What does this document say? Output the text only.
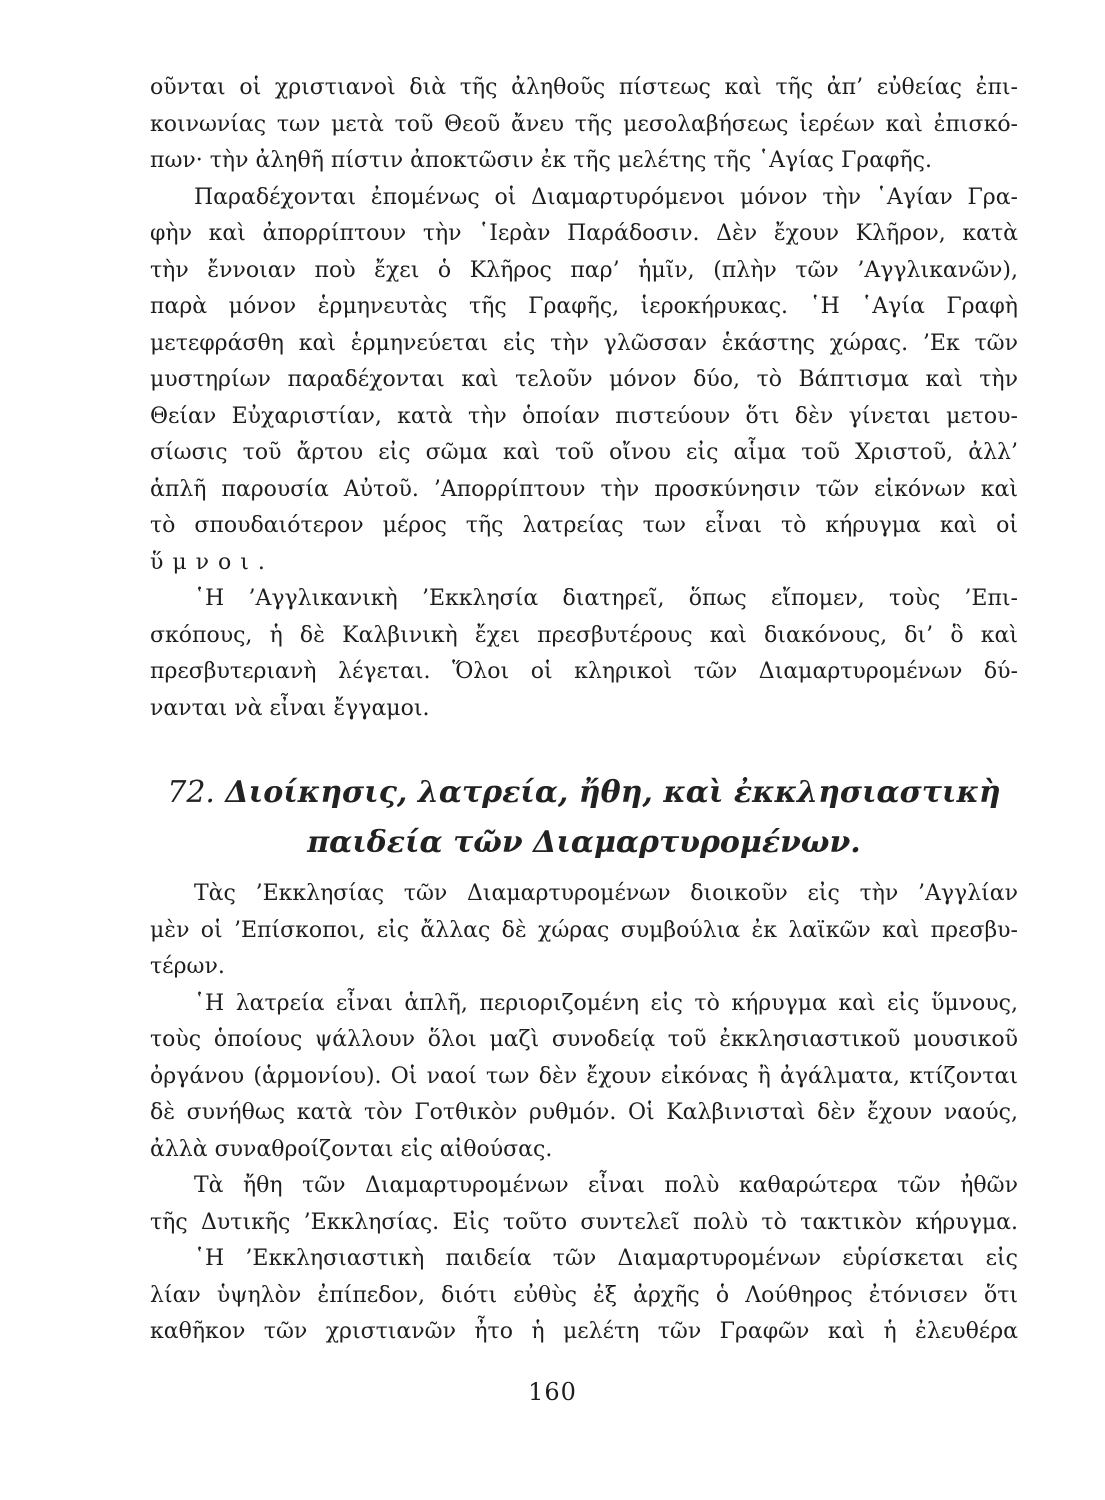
οῦνται οἱ χριστιανοὶ διὰ τῆς ἀληθοῦς πίστεως καὶ τῆς ἀπ’ εὐθείας ἐπι-
κοινωνίας των μετὰ τοῦ Θεοῦ ἄνευ τῆς μεσολαβήσεως ἱερέων καὶ ἐπισκό-
πων· τὴν ἀληθῆ πίστιν ἀποκτῶσιν ἐκ τῆς μελέτης τῆς ῾Αγίας Γραφῆς.
Παραδέχονται ἐπομένως οἱ Διαμαρτυρόμενοι μόνον τὴν ῾Αγίαν Γρα-
φὴν καὶ ἀπορρίπτουν τὴν ῾Ιερὰν Παράδοσιν. Δὲν ἔχουν Κλῆρον, κατὰ
τὴν ἔννοιαν ποὺ ἔχει ὁ Κλῆρος παρ’ ἡμῖν, (πλὴν τῶν ’Αγγλικανῶν),
παρὰ μόνον ἑρμηνευτὰς τῆς Γραφῆς, ἱεροκήρυκας. ῾Η ῾Αγία Γραφὴ
μετεφράσθη καὶ ἑρμηνεύεται εἰς τὴν γλῶσσαν ἑκάστης χώρας. ’Εκ τῶν
μυστηρίων παραδέχονται καὶ τελοῦν μόνον δύο, τὸ Βάπτισμα καὶ τὴν
Θείαν Εὐχαριστίαν, κατὰ τὴν ὁποίαν πιστεύουν ὅτι δὲν γίνεται μετου-
σίωσις τοῦ ἄρτου εἰς σῶμα καὶ τοῦ οἴνου εἰς αἷμα τοῦ Χριστοῦ, ἀλλ’
ἁπλῆ παρουσία Αὐτοῦ. ’Απορρίπτουν τὴν προσκύνησιν τῶν εἰκόνων καὶ
τὸ σπουδαιότερον μέρος τῆς λατρείας των εἶναι τὸ κήρυγμα καὶ οἱ
ὕμνοι.
῾Η ’Αγγλικανικὴ ’Εκκλησία διατηρεῖ, ὅπως εἴπομεν, τοὺς ’Επι-
σκόπους, ἡ δὲ Καλβινικὴ ἔχει πρεσβυτέρους καὶ διακόνους, δι’ ὃ καὶ
πρεσβυτεριανὴ λέγεται. Ὅλοι οἱ κληρικοὶ τῶν Διαμαρτυρομένων δύ-
νανται νὰ εἶναι ἔγγαμοι.
72. Διοίκησις, λατρεία, ἤθη, καὶ ἐκκλησιαστικὴ
παιδεία τῶν Διαμαρτυρομένων.
Τὰς ’Εκκλησίας τῶν Διαμαρτυρομένων διοικοῦν εἰς τὴν ’Αγγλίαν
μὲν οἱ ’Επίσκοποι, εἰς ἄλλας δὲ χώρας συμβούλια ἐκ λαϊκῶν καὶ πρεσβυ-
τέρων.
῾Η λατρεία εἶναι ἁπλῆ, περιοριζομένη εἰς τὸ κήρυγμα καὶ εἰς ὕμνους,
τοὺς ὁποίους ψάλλουν ὅλοι μαζὶ συνοδείᾳ τοῦ ἐκκλησιαστικοῦ μουσικοῦ
ὀργάνου (ἁρμονίου). Οἱ ναοί των δὲν ἔχουν εἰκόνας ἢ ἀγάλματα, κτίζονται
δὲ συνήθως κατὰ τὸν Γοτθικὸν ρυθμόν. Οἱ Καλβινισταὶ δὲν ἔχουν ναούς,
ἀλλὰ συναθροίζονται εἰς αἰθούσας.
Τὰ ἤθη τῶν Διαμαρτυρομένων εἶναι πολὺ καθαρώτερα τῶν ἠθῶν
τῆς Δυτικῆς ’Εκκλησίας. Εἰς τοῦτο συντελεῖ πολὺ τὸ τακτικὸν κήρυγμα.
῾Η ’Εκκλησιαστικὴ παιδεία τῶν Διαμαρτυρομένων εὑρίσκεται εἰς
λίαν ὑψηλὸν ἐπίπεδον, διότι εὐθὺς ἐξ ἀρχῆς ὁ Λούθηρος ἐτόνισεν ὅτι
καθῆκον τῶν χριστιανῶν ἦτο ἡ μελέτη τῶν Γραφῶν καὶ ἡ ἐλευθέρα
160
